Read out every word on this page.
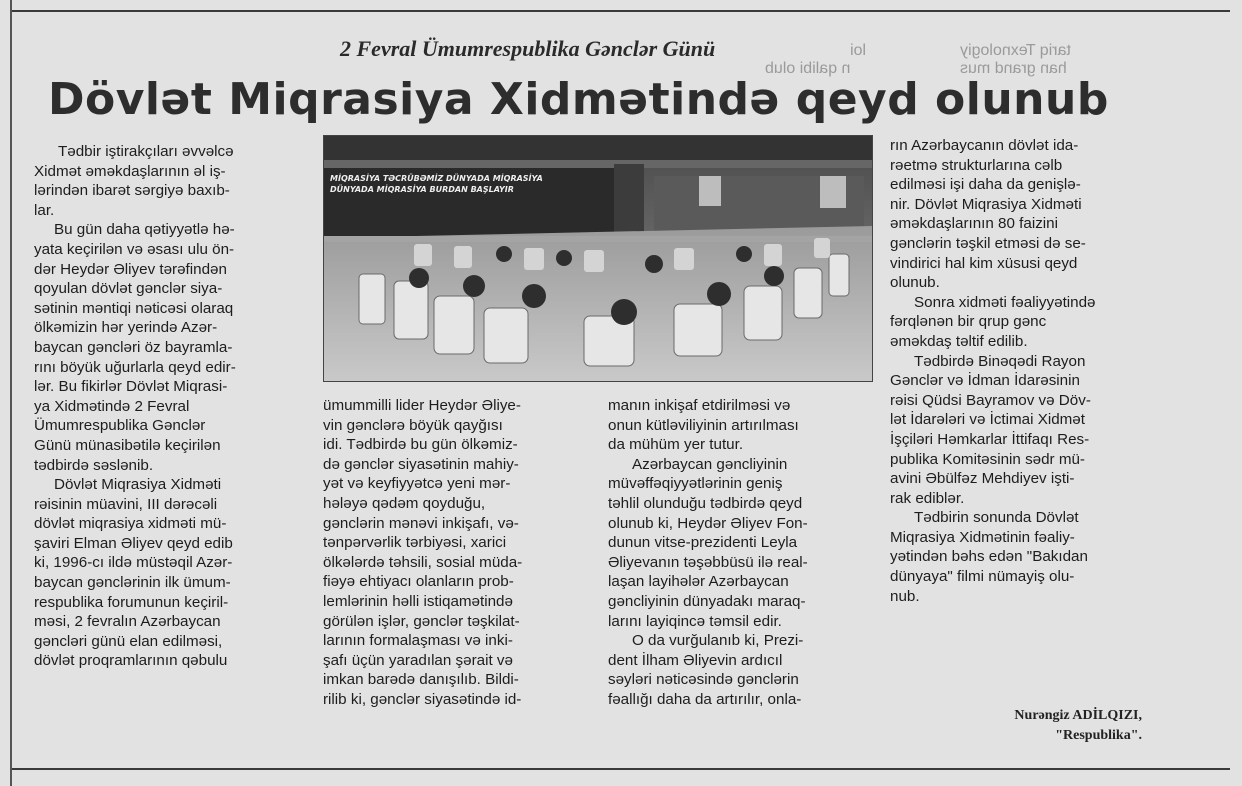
tariq Texnologiy
han grand mus
n qalibi olub
loi
2 Fevral Ümumrespublika Gənclər Günü
Dövlət Miqrasiya Xidmətində qeyd olunub
MİQRASİYA TƏCRÜBƏMİZ DÜNYADA MİQRASİYA
DÜNYADA MİQRASİYA BURDAN BAŞLAYIR

Tədbir iştirakçıları əvvəlcə

Xidmət əməkdaşlarının əl iş-
lərindən ibarət sərgiyə baxıb-
lar.
Bu gün daha qətiyyətlə hə-
yata keçirilən və əsası ulu ön-
dər Heydər Əliyev tərəfindən
qoyulan dövlət gənclər siya-
sətinin məntiqi nəticəsi olaraq
ölkəmizin hər yerində Azər-
baycan gəncləri öz bayramla-
rını böyük uğurlarla qeyd edir-
lər. Bu fikirlər Dövlət Miqrasi-
ya Xidmətində 2 Fevral
Ümumrespublika Gənclər
Günü münasibətilə keçirilən
tədbirdə səslənib.
Dövlət Miqrasiya Xidməti
rəisinin müavini, III dərəcəli
dövlət miqrasiya xidməti mü-
şaviri Elman Əliyev qeyd edib
ki, 1996-cı ildə müstəqil Azər-
baycan gənclərinin ilk ümum-
respublika forumunun keçiril-
məsi, 2 fevralın Azərbaycan
gəncləri günü elan edilməsi,
dövlət proqramlarının qəbulu
ümummilli lider Heydər Əliye-
vin gənclərə böyük qayğısı
idi. Tədbirdə bu gün ölkəmiz-
də gənclər siyasətinin mahiy-
yət və keyfiyyətcə yeni mər-
hələyə qədəm qoyduğu,
gənclərin mənəvi inkişafı, və-
tənpərvərlik tərbiyəsi, xarici
ölkələrdə təhsili, sosial müda-
fiəyə ehtiyacı olanların prob-
lemlərinin həlli istiqamətində
görülən işlər, gənclər təşkilat-
larının formalaşması və inki-
şafı üçün yaradılan şərait və
imkan barədə danışılıb. Bildi-
rilib ki, gənclər siyasətində id-
manın inkişaf etdirilməsi və
onun kütləviliyinin artırılması
da mühüm yer tutur.
Azərbaycan gəncliyinin
müvəffəqiyyətlərinin geniş
təhlil olunduğu tədbirdə qeyd
olunub ki, Heydər Əliyev Fon-
dunun vitse-prezidenti Leyla
Əliyevanın təşəbbüsü ilə real-
laşan layihələr Azərbaycan
gəncliyinin dünyadakı maraq-
larını layiqincə təmsil edir.
O da vurğulanıb ki, Prezi-
dent İlham Əliyevin ardıcıl
səyləri nəticəsində gənclərin
fəallığı daha da artırılır, onla-
rın Azərbaycanın dövlət ida-
rəetmə strukturlarına cəlb
edilməsi işi daha da genişlə-
nir. Dövlət Miqrasiya Xidməti
əməkdaşlarının 80 faizini
gənclərin təşkil etməsi də se-
vindirici hal kim xüsusi qeyd
olunub.
Sonra xidməti fəaliyyətində
fərqlənən bir qrup gənc
əməkdaş təltif edilib.
Tədbirdə Binəqədi Rayon
Gənclər və İdman İdarəsinin
rəisi Qüdsi Bayramov və Döv-
lət İdarələri və İctimai Xidmət
İşçiləri Həmkarlar İttifaqı Res-
publika Komitəsinin sədr mü-
avini Əbülfəz Mehdiyev işti-
rak ediblər.
Tədbirin sonunda Dövlət
Miqrasiya Xidmətinin fəaliy-
yətindən bəhs edən "Bakıdan
dünyaya" filmi nümayiş olu-
nub.
Nurəngiz ADİLQIZI,
"Respublika".
